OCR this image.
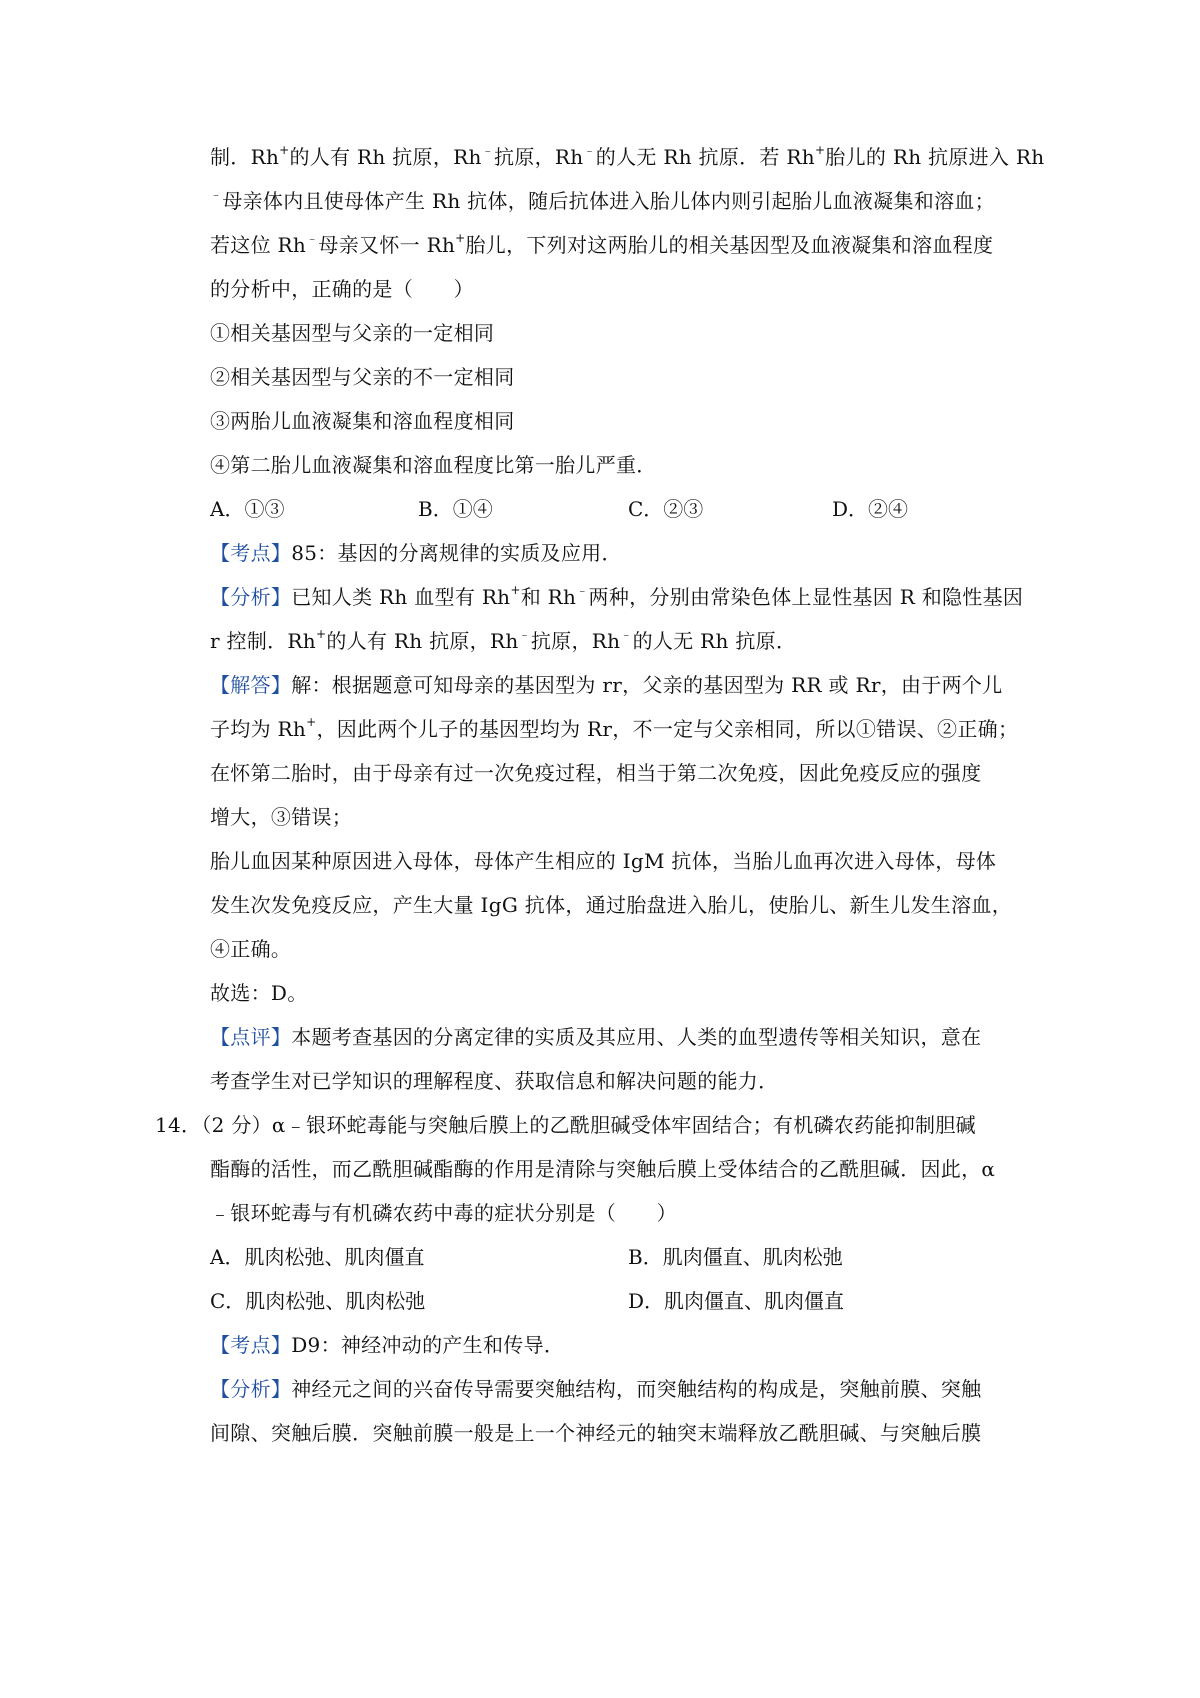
制．Rh+的人有 Rh 抗原，Rh﹣抗原，Rh﹣的人无 Rh 抗原．若 Rh+胎儿的 Rh 抗原进入 Rh
﹣母亲体内且使母体产生 Rh 抗体，随后抗体进入胎儿体内则引起胎儿血液凝集和溶血；
若这位 Rh﹣母亲又怀一 Rh+胎儿，下列对这两胎儿的相关基因型及血液凝集和溶血程度
的分析中，正确的是（　　）
①相关基因型与父亲的一定相同
②相关基因型与父亲的不一定相同
③两胎儿血液凝集和溶血程度相同
④第二胎儿血液凝集和溶血程度比第一胎儿严重．
A．①③	B．①④	C．②③	D．②④
【考点】85：基因的分离规律的实质及应用．
【分析】已知人类 Rh 血型有 Rh+和 Rh﹣两种，分别由常染色体上显性基因 R 和隐性基因
r 控制．Rh+的人有 Rh 抗原，Rh﹣抗原，Rh﹣的人无 Rh 抗原．
【解答】解：根据题意可知母亲的基因型为 rr，父亲的基因型为 RR 或 Rr，由于两个儿
子均为 Rh+，因此两个儿子的基因型均为 Rr，不一定与父亲相同，所以①错误、②正确；
在怀第二胎时，由于母亲有过一次免疫过程，相当于第二次免疫，因此免疫反应的强度
增大，③错误；
胎儿血因某种原因进入母体，母体产生相应的 IgM 抗体，当胎儿血再次进入母体，母体
发生次发免疫反应，产生大量 IgG 抗体，通过胎盘进入胎儿，使胎儿、新生儿发生溶血，
④正确。
故选：D。
【点评】本题考查基因的分离定律的实质及其应用、人类的血型遗传等相关知识，意在
考查学生对已学知识的理解程度、获取信息和解决问题的能力．
14．（2 分）α﹣银环蛇毒能与突触后膜上的乙酰胆碱受体牢固结合；有机磷农药能抑制胆碱
酯酶的活性，而乙酰胆碱酯酶的作用是清除与突触后膜上受体结合的乙酰胆碱．因此，α
﹣银环蛇毒与有机磷农药中毒的症状分别是（　　）
A．肌肉松弛、肌肉僵直	B．肌肉僵直、肌肉松弛
C．肌肉松弛、肌肉松弛	D．肌肉僵直、肌肉僵直
【考点】D9：神经冲动的产生和传导．
【分析】神经元之间的兴奋传导需要突触结构，而突触结构的构成是，突触前膜、突触
间隙、突触后膜．突触前膜一般是上一个神经元的轴突末端释放乙酰胆碱、与突触后膜
